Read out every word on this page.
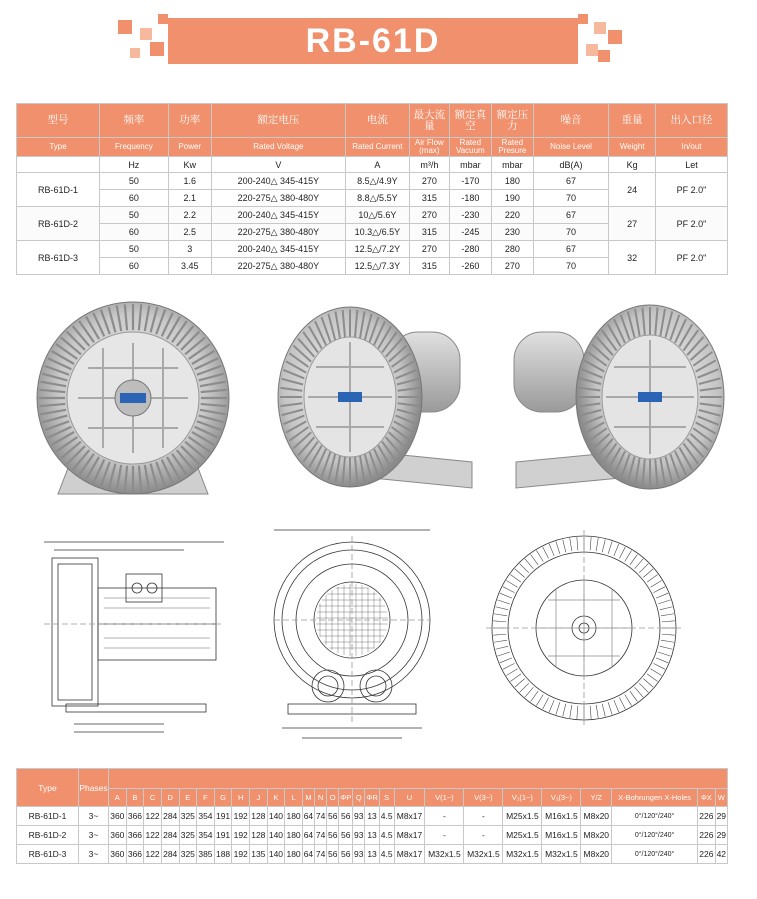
RB-61D
型号	频率	功率	额定电压	电流	最大流量	额定真空	额定压力	噪音	重量	出入口径
Type	Frequency	Power	Rated Voltage	Rated Current	Air Flow (max)	Rated Vacuum	Rated Presure	Noise Level	Weight	In/out
	Hz	Kw	V	A	m³/h	mbar	mbar	dB(A)	Kg	Let
RB-61D-1	50	1.6	200-240△ 345-415Y	8.5△/4.9Y	270	-170	180	67	24	PF 2.0"
	60	2.1	220-275△ 380-480Y	8.8△/5.5Y	315	-180	190	70		
RB-61D-2	50	2.2	200-240△ 345-415Y	10△/5.6Y	270	-230	220	67	27	PF 2.0"
	60	2.5	220-275△ 380-480Y	10.3△/6.5Y	315	-245	230	70		
RB-61D-3	50	3	200-240△ 345-415Y	12.5△/7.2Y	270	-280	280	67	32	PF 2.0"
	60	3.45	220-275△ 380-480Y	12.5△/7.3Y	315	-260	270	70		
Type	Phases																											
		A	B	C	D	E	F	G	H	J	K	L	M	N	O	ΦP	Q	ΦR	S	U	V(1~)	V(3~)	V₁(1~)	V₁(3~)	Y/Z	X-Bohrungen X-Holes	ΦX	W
RB-61D-1	3~	360	366	122	284	325	354	191	192	128	140	180	64	74	56	56	93	13	4.5	M8x17	-	-	M25x1.5	M16x1.5	M8x20	0°/120°/240°	226	29
RB-61D-2	3~	360	366	122	284	325	354	191	192	128	140	180	64	74	56	56	93	13	4.5	M8x17	-	-	M25x1.5	M16x1.5	M8x20	0°/120°/240°	226	29
RB-61D-3	3~	360	366	122	284	325	385	188	192	135	140	180	64	74	56	56	93	13	4.5	M8x17	M32x1.5	M32x1.5	M32x1.5	M32x1.5	M8x20	0°/120°/240°	226	42
